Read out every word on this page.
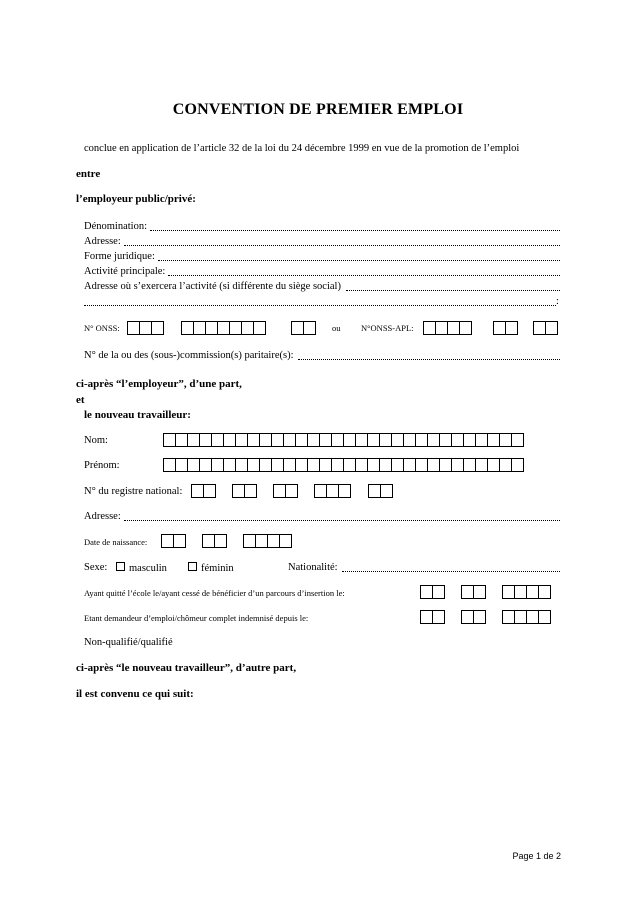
CONVENTION DE PREMIER EMPLOI
conclue en application de l’article 32 de la loi du 24 décembre 1999 en vue de la promotion de l’emploi
entre
l’employeur public/privé:
Dénomination:
Adresse:
Forme juridique:
Activité principale:
Adresse où s’exercera l’activité (si différente du siège social)
:
N° ONSS:	ou N°ONSS-APL:
N° de la ou des (sous-)commission(s) paritaire(s):
ci-après “l’employeur”, d’une part,
et
le nouveau travailleur:
Nom:
Prénom:
N° du registre national:
Adresse:
Date de naissance:
Sexe:	masculin	féminin	Nationalité:
Ayant quitté l’école le/ayant cessé de bénéficier d’un parcours d’insertion le:
Etant demandeur d’emploi/chômeur complet indemnisé depuis le:
Non-qualifié/qualifié
ci-après “le nouveau travailleur”, d’autre part,
il est convenu ce qui suit:
Page 1 de 2
